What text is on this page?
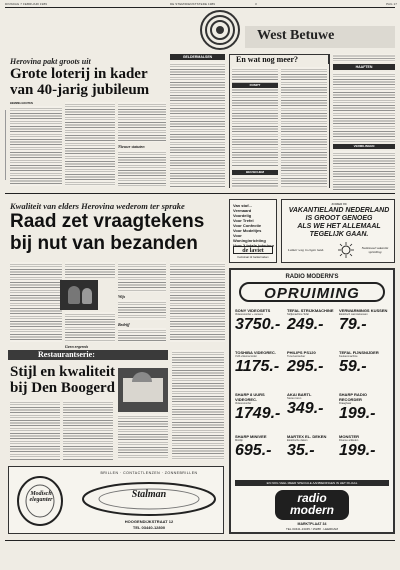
DINSDAG 7 FEBRUARI 1989	DE STEM/DIENSTSTEDE 1989	3	PAG 17
West Betuwe
Herovina pakt groots uit
Grote loterij in kader
van 40-jarig jubileum
BEMMEL/HOUTEN
Nieuwe statuten
GELDERMALSEN	En wat nog meer?
RUMPT
HAAFTEN
VERMILINGEN
BEUSICHEM
Kwaliteit van elders Herovina wederom ter sprake
Raad zet vraagtekens
bij nut van bezanden
Wijs
Bedrijf
Geen ergernis
Van stof...
Vermaard
Voordelig
Voor Trefel
Voor Confectie
Voor Modeltjes
Voor Woninginrichting
Voor 't totale interieur
de laviet
Kerkstraat 12 Geldermalsen
ZOMER 89
VAKANTIELAND NEDERLAND
IS GROOT GENOEG
ALS WE HET ALLEMAAL
TEGELIJK GAAN.
Lekker weg in eigen land.	Nationaal vakantie spreiding
Restaurantserie:
Stijl en kwaliteit
bij Den Boogerd
Modisch eleganter
BRILLEN · CONTACTLENZEN · ZONNEBRILLEN
Stalman
HOOGENDIJKSTRAAT 12
TEL 03440-12800
RADIO MODERN'S
OPRUIMING
SONY VIDEOSETS
Videorecorder + camera
3750.-
TEFAL STRIJKMACHINE
Strijkmachine Tefal
249.-
VERWARMINGS KUSSEN
Elektrisch warmtekussen
79.-
TOSHIBA VIDEOREC.
VHS videorecorder
1175.-
PHILIPS PS120
Tunerversterker
295.-
TEFAL FIJNSNIJDER
Keukenmachine
59.-
SHARP 8 UURS VIDEOREC.
Videorecorder
1749.-
AKAI BARTL
Stereo toren
349.-
SHARP RADIO RECORDER
Draagbaar
199.-
SHARP MINIVEE
Minilijn
695.-
MARTEX EL. DEKEN
Elektrische deken
35.-
MONSTER
Diverse artikelen
199.-
EN NOG VEEL MEER SPECIALE AANBIEDINGEN IN HET FILIAAL
radio
modern
MARKTPLAAT 34
TEL 03441-13345 / 15288 · LEERDAM
